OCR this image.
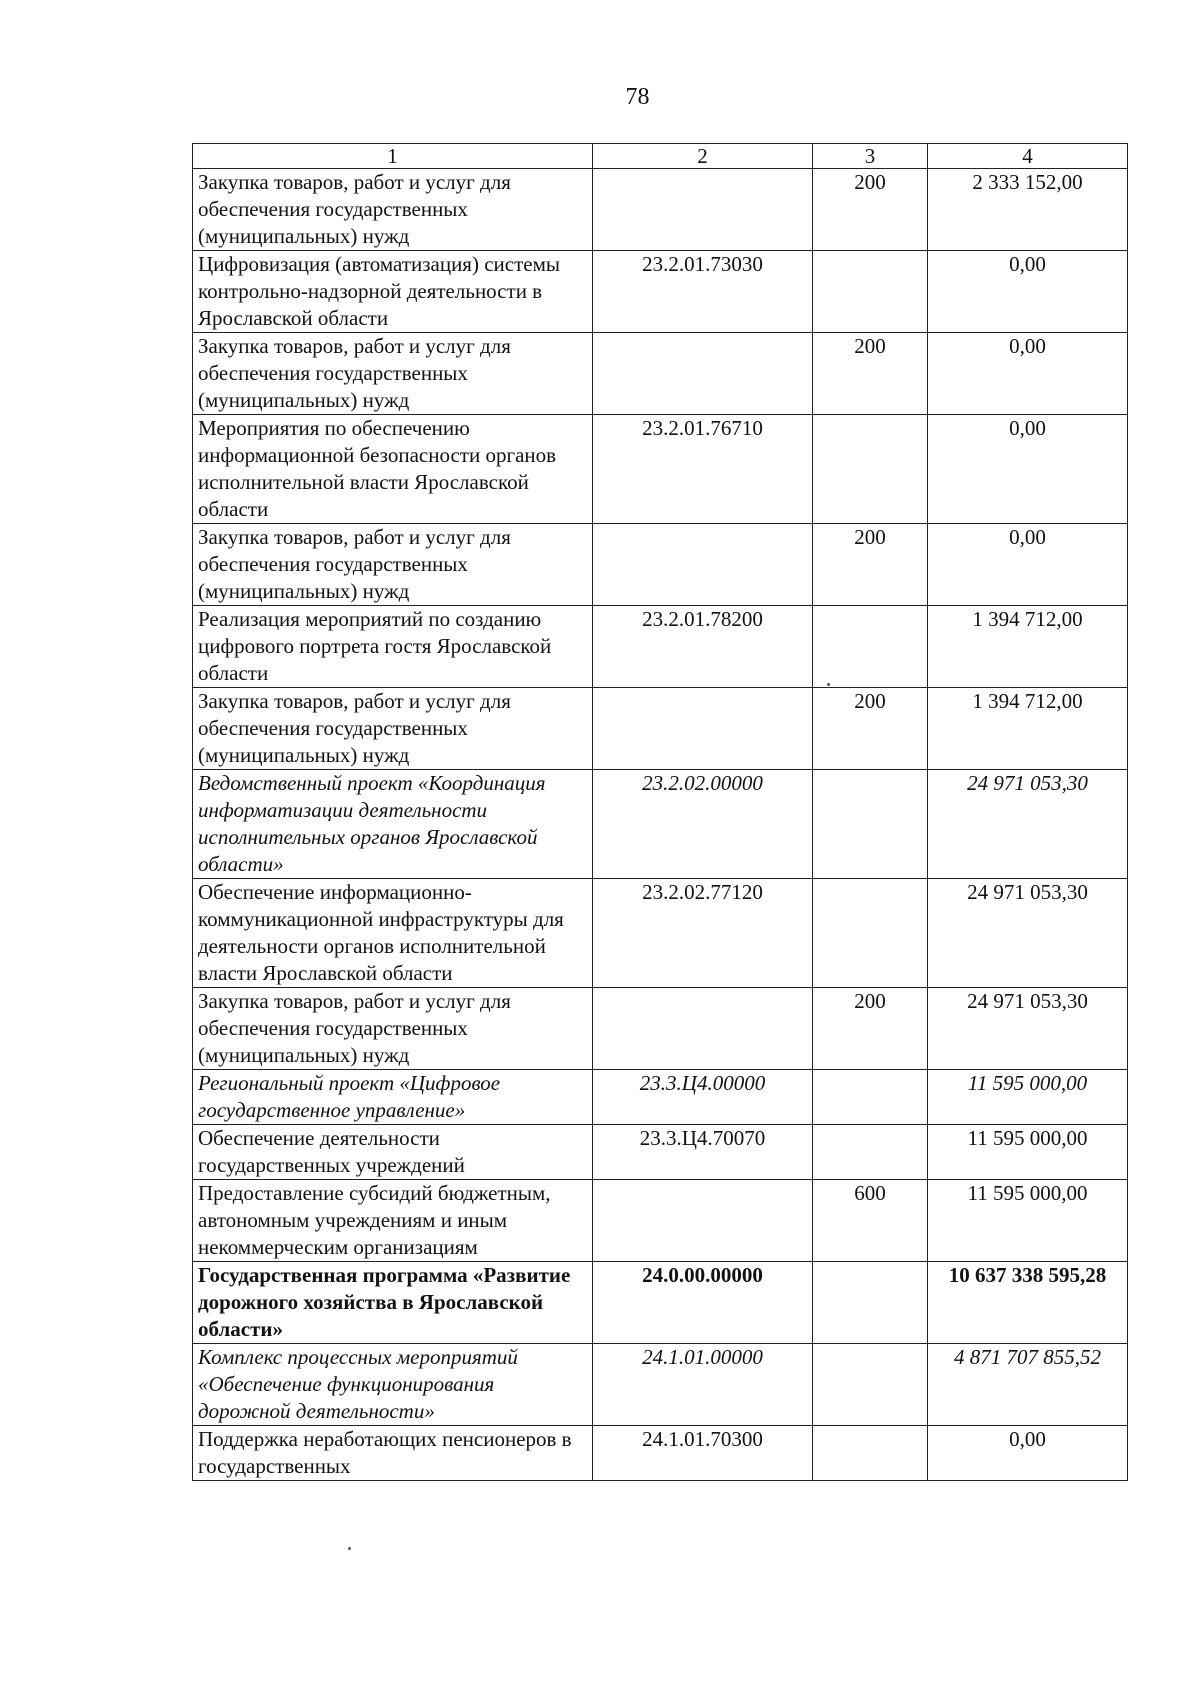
78
1	2	3	4
Закупка товаров, работ и услуг для обеспечения государственных (муниципальных) нужд		200	2 333 152,00
Цифровизация (автоматизация) системы контрольно-надзорной деятельности в Ярославской области	23.2.01.73030		0,00
Закупка товаров, работ и услуг для обеспечения государственных (муниципальных) нужд		200	0,00
Мероприятия по обеспечению информационной безопасности органов исполнительной власти Ярославской области	23.2.01.76710		0,00
Закупка товаров, работ и услуг для обеспечения государственных (муниципальных) нужд		200	0,00
Реализация мероприятий по созданию цифрового портрета гостя Ярославской области	23.2.01.78200		1 394 712,00
Закупка товаров, работ и услуг для обеспечения государственных (муниципальных) нужд		200	1 394 712,00
Ведомственный проект «Координация информатизации деятельности исполнительных органов Ярославской области»	23.2.02.00000		24 971 053,30
Обеспечение информационно-коммуникационной инфраструктуры для деятельности органов исполнительной власти Ярославской области	23.2.02.77120		24 971 053,30
Закупка товаров, работ и услуг для обеспечения государственных (муниципальных) нужд		200	24 971 053,30
Региональный проект «Цифровое государственное управление»	23.3.Ц4.00000		11 595 000,00
Обеспечение деятельности государственных учреждений	23.3.Ц4.70070		11 595 000,00
Предоставление субсидий бюджетным, автономным учреждениям и иным некоммерческим организациям		600	11 595 000,00
Государственная программа «Развитие дорожного хозяйства в Ярославской области»	24.0.00.00000		10 637 338 595,28
Комплекс процессных мероприятий «Обеспечение функционирования дорожной деятельности»	24.1.01.00000		4 871 707 855,52
Поддержка неработающих пенсионеров в государственных	24.1.01.70300		0,00
